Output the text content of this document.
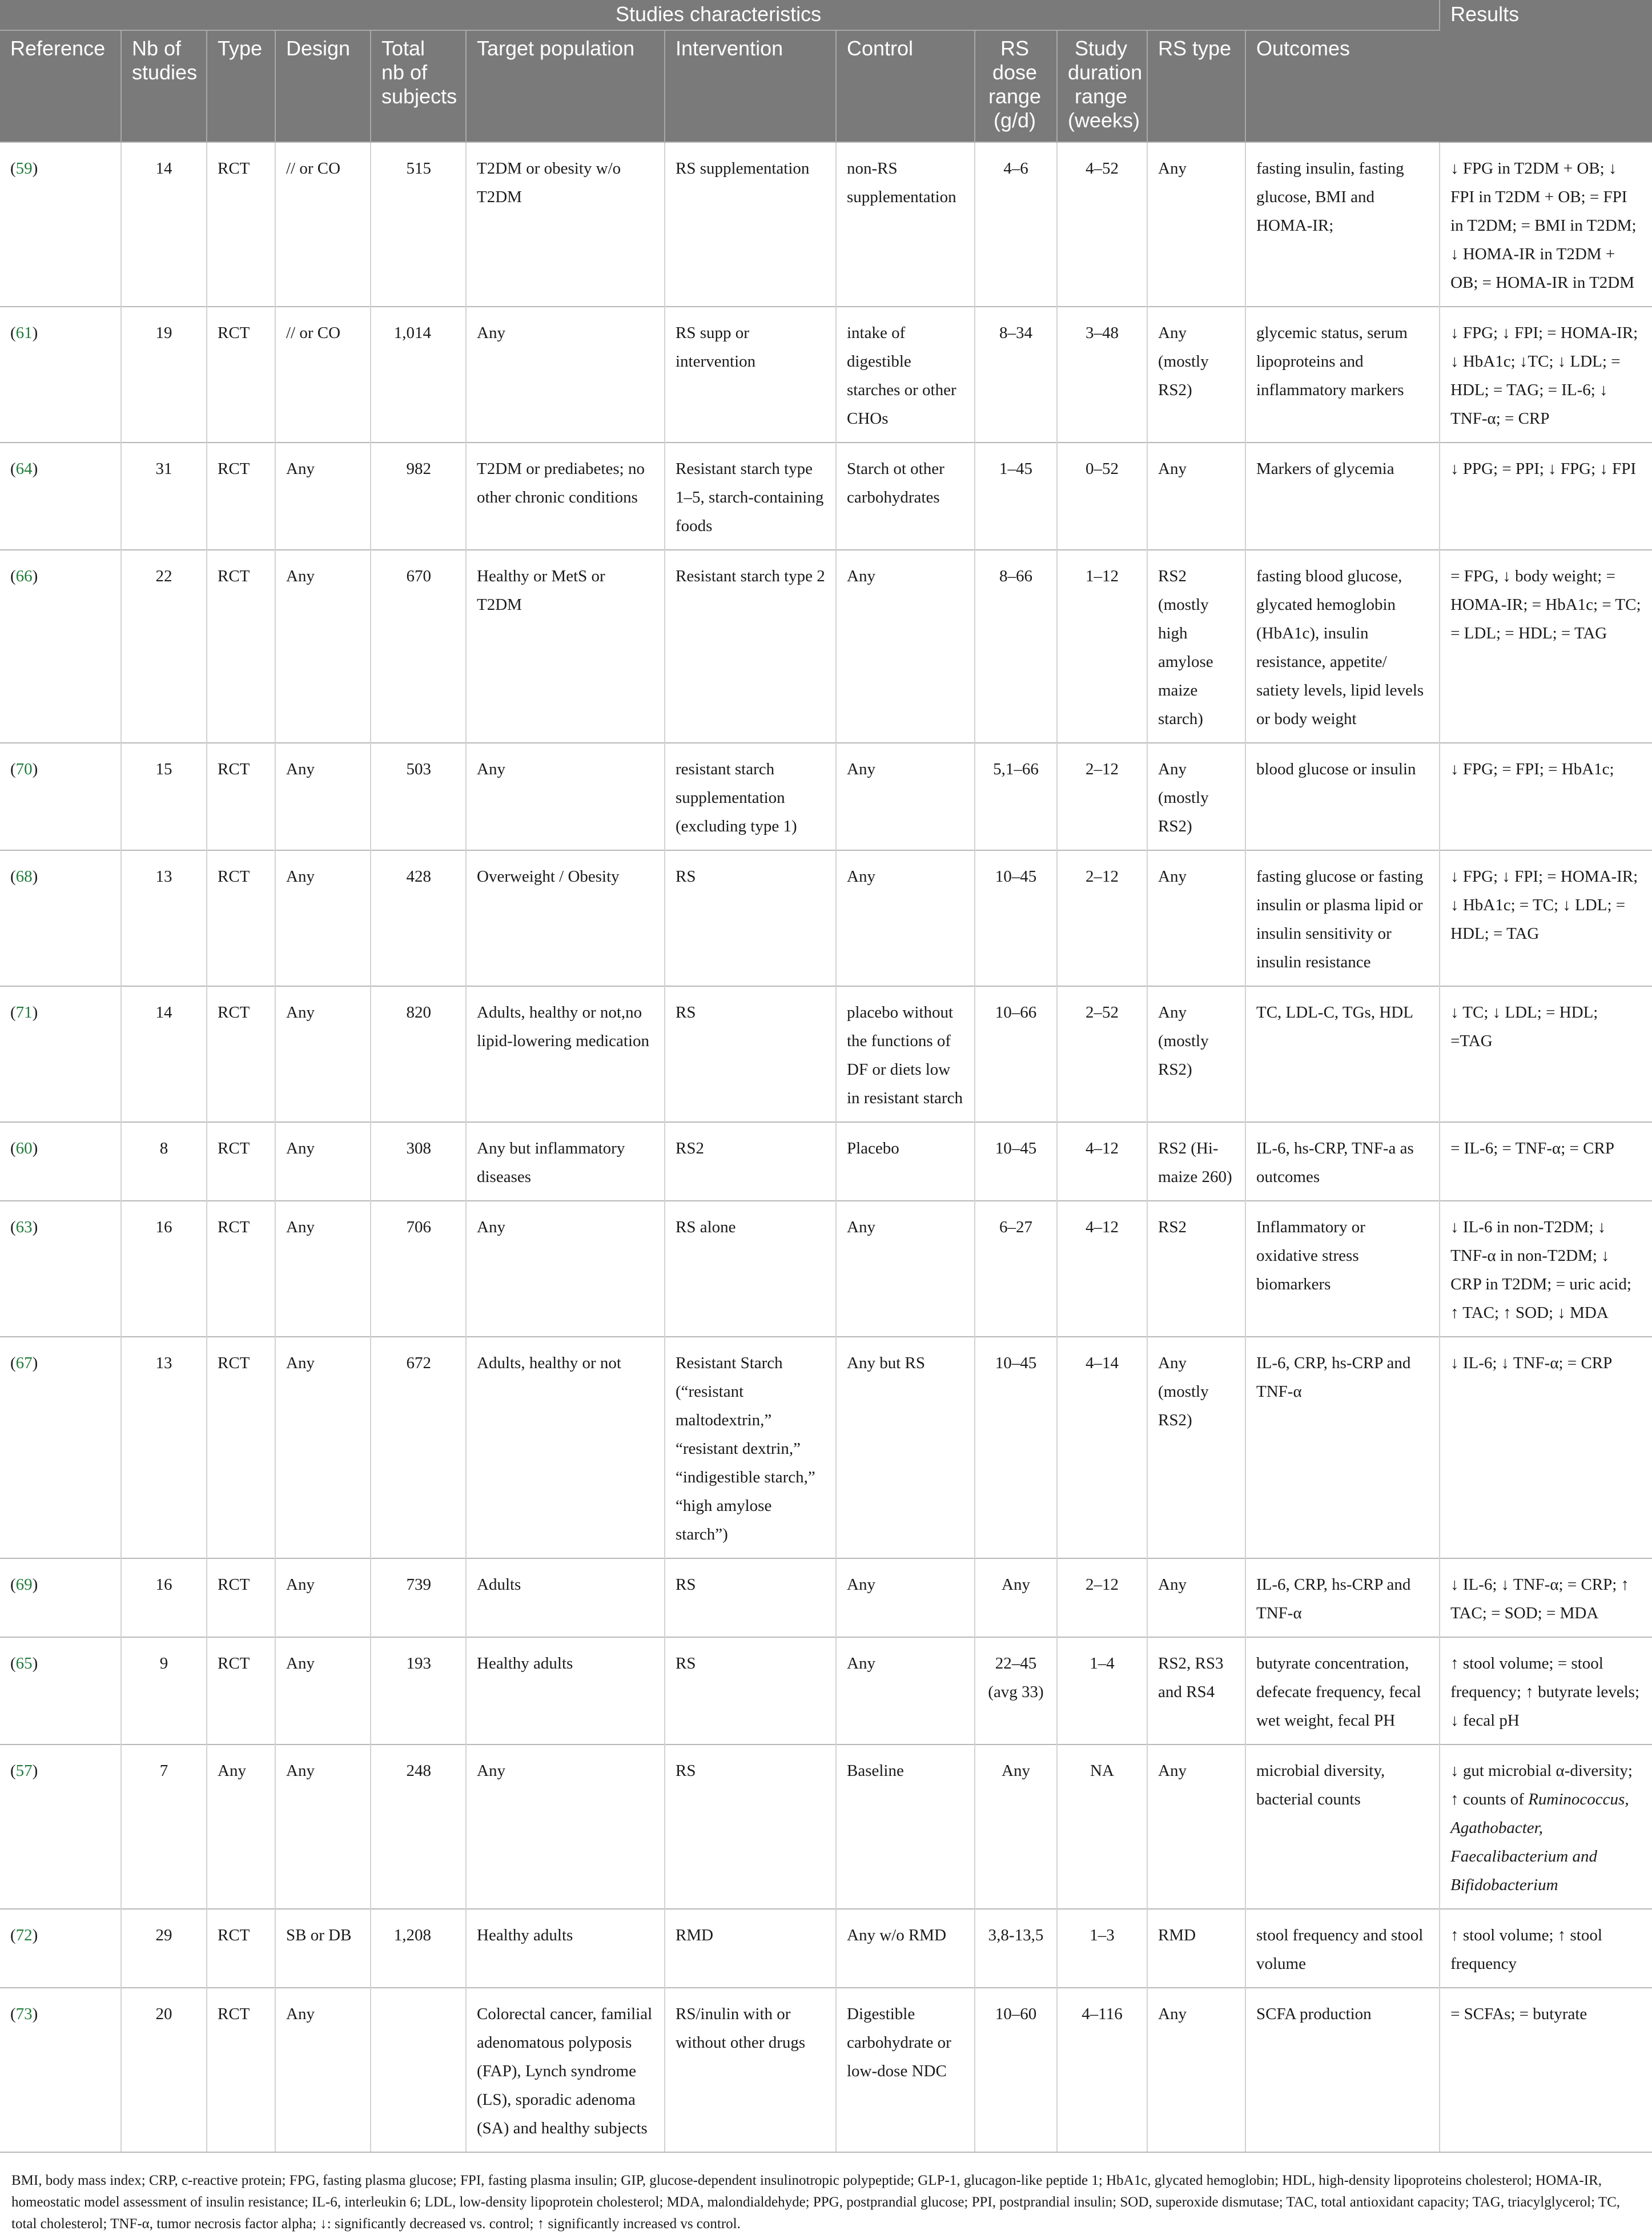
Studies characteristics												Results
Reference	Nb of studies	Type	Design	Total nb of subjects	Target population	Intervention	Control	RS dose range (g/d)	Study duration range (weeks)	RS type	Outcomes	
(59)	14	RCT	// or CO	515	T2DM or obesity w/o T2DM	RS supplementation	non-RS supplementation	4–6	4–52	Any	fasting insulin, fasting glucose, BMI and HOMA-IR;	↓ FPG in T2DM + OB; ↓ FPI in T2DM + OB; = FPI in T2DM; = BMI in T2DM; ↓ HOMA-IR in T2DM + OB; = HOMA-IR in T2DM
(61)	19	RCT	// or CO	1,014	Any	RS supp or intervention	intake of digestible starches or other CHOs	8–34	3–48	Any (mostly RS2)	glycemic status, serum lipoproteins and inflammatory markers	↓ FPG; ↓ FPI; = HOMA-IR; ↓ HbA1c; ↓TC; ↓ LDL; = HDL; = TAG; = IL-6; ↓ TNF-α; = CRP
(64)	31	RCT	Any	982	T2DM or prediabetes; no other chronic conditions	Resistant starch type 1–5, starch-containing foods	Starch ot other carbohydrates	1–45	0–52	Any	Markers of glycemia	↓ PPG; = PPI; ↓ FPG; ↓ FPI
(66)	22	RCT	Any	670	Healthy or MetS or T2DM	Resistant starch type 2	Any	8–66	1–12	RS2 (mostly high amylose maize starch)	fasting blood glucose, glycated hemoglobin (HbA1c), insulin resistance, appetite/ satiety levels, lipid levels or body weight	= FPG, ↓ body weight; = HOMA-IR; = HbA1c; = TC; = LDL; = HDL; = TAG
(70)	15	RCT	Any	503	Any	resistant starch supplementation (excluding type 1)	Any	5,1–66	2–12	Any (mostly RS2)	blood glucose or insulin	↓ FPG; = FPI; = HbA1c;
(68)	13	RCT	Any	428	Overweight / Obesity	RS	Any	10–45	2–12	Any	fasting glucose or fasting insulin or plasma lipid or insulin sensitivity or insulin resistance	↓ FPG; ↓ FPI; = HOMA-IR; ↓ HbA1c; = TC; ↓ LDL; = HDL; = TAG
(71)	14	RCT	Any	820	Adults, healthy or not,no lipid-lowering medication	RS	placebo without the functions of DF or diets low in resistant starch	10–66	2–52	Any (mostly RS2)	TC, LDL-C, TGs, HDL	↓ TC; ↓ LDL; = HDL; =TAG
(60)	8	RCT	Any	308	Any but inflammatory diseases	RS2	Placebo	10–45	4–12	RS2 (Hi-maize 260)	IL-6, hs-CRP, TNF-a as outcomes	= IL-6; = TNF-α; = CRP
(63)	16	RCT	Any	706	Any	RS alone	Any	6–27	4–12	RS2	Inflammatory or oxidative stress biomarkers	↓ IL-6 in non-T2DM; ↓ TNF-α in non-T2DM; ↓ CRP in T2DM; = uric acid; ↑ TAC; ↑ SOD; ↓ MDA
(67)	13	RCT	Any	672	Adults, healthy or not	Resistant Starch (“resistant maltodextrin,” “resistant dextrin,” “indigestible starch,” “high amylose starch”)	Any but RS	10–45	4–14	Any (mostly RS2)	IL-6, CRP, hs-CRP and TNF-α	↓ IL-6; ↓ TNF-α; = CRP
(69)	16	RCT	Any	739	Adults	RS	Any	Any	2–12	Any	IL-6, CRP, hs-CRP and TNF-α	↓ IL-6; ↓ TNF-α; = CRP; ↑ TAC; = SOD; = MDA
(65)	9	RCT	Any	193	Healthy adults	RS	Any	22–45 (avg 33)	1–4	RS2, RS3 and RS4	butyrate concentration, defecate frequency, fecal wet weight, fecal PH	↑ stool volume; = stool frequency; ↑ butyrate levels; ↓ fecal pH
(57)	7	Any	Any	248	Any	RS	Baseline	Any	NA	Any	microbial diversity, bacterial counts	↓ gut microbial α-diversity; ↑ counts of Ruminococcus, Agathobacter, Faecalibacterium and Bifidobacterium
(72)	29	RCT	SB or DB	1,208	Healthy adults	RMD	Any w/o RMD	3,8-13,5	1–3	RMD	stool frequency and stool volume	↑ stool volume; ↑ stool frequency
(73)	20	RCT	Any		Colorectal cancer, familial adenomatous polyposis (FAP), Lynch syndrome (LS), sporadic adenoma (SA) and healthy subjects	RS/inulin with or without other drugs	Digestible carbohydrate or low-dose NDC	10–60	4–116	Any	SCFA production	= SCFAs; = butyrate
BMI, body mass index; CRP, c-reactive protein; FPG, fasting plasma glucose; FPI, fasting plasma insulin; GIP, glucose-dependent insulinotropic polypeptide; GLP-1, glucagon-like peptide 1; HbA1c, glycated hemoglobin; HDL, high-density lipoproteins cholesterol; HOMA-IR, homeostatic model assessment of insulin resistance; IL-6, interleukin 6; LDL, low-density lipoprotein cholesterol; MDA, malondialdehyde; PPG, postprandial glucose; PPI, postprandial insulin; SOD, superoxide dismutase; TAC, total antioxidant capacity; TAG, triacylglycerol; TC, total cholesterol; TNF-α, tumor necrosis factor alpha; ↓: significantly decreased vs. control; ↑ significantly increased vs control.
